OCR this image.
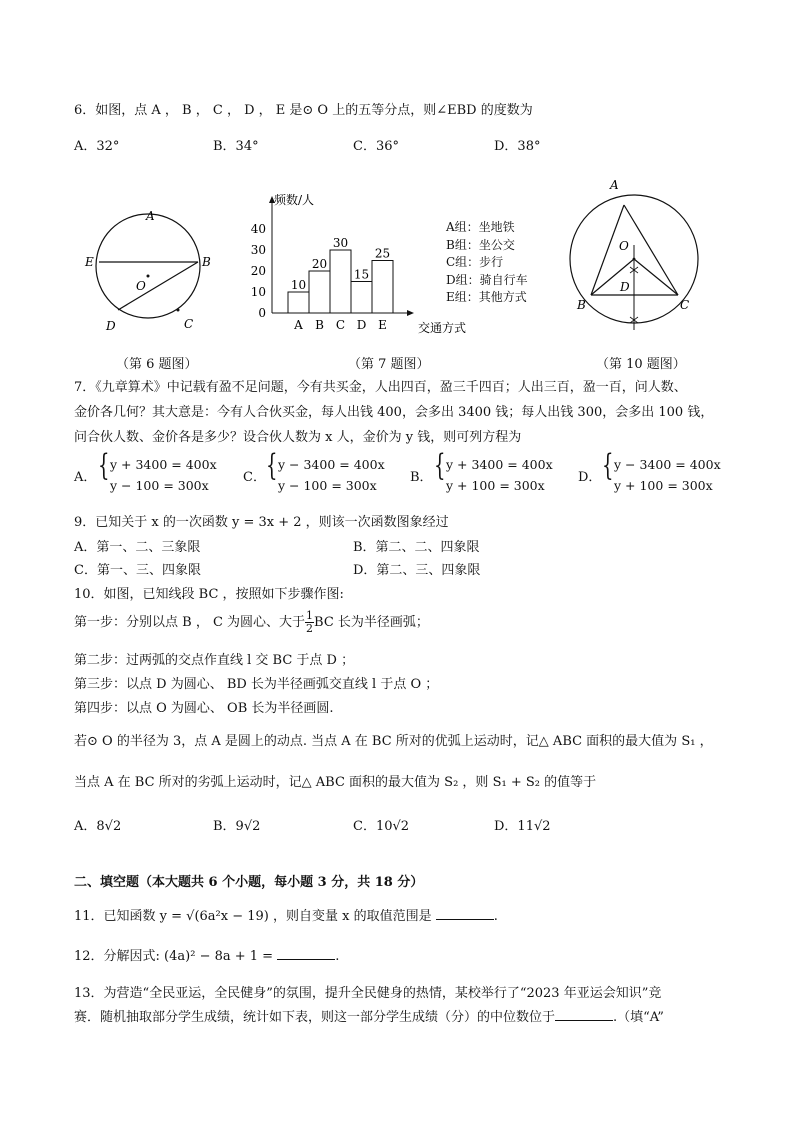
6．如图，点 A ， B ， C ， D ， E 是⊙ O 上的五等分点，则∠EBD 的度数为
A．32°	B．34°	C．36°	D．38°
A
B
C
D
E
O
（第 6 题图）
频数/人
交通方式
0
10
20
30
40
10
A
20
B
30
C
15
D
25
E
（第 7 题图）
A组：坐地铁
B组：坐公交
C组：步行
D组：骑自行车
E组：其他方式
A
B	C
D
O
（第 10 题图）
7．《九章算术》中记载有盈不足问题，今有共买金，人出四百，盈三千四百；人出三百，盈一百，问人数、
金价各几何？其大意是：今有人合伙买金，每人出钱 400，会多出 3400 钱；每人出钱 300，会多出 100 钱，
问合伙人数、金价各是多少？设合伙人数为 x 人，金价为 y 钱，则可列方程为
A． { y + 3400 = 400x
y − 100 = 300x
C． { y − 3400 = 400x
y − 100 = 300x
B． { y + 3400 = 400x
y + 100 = 300x
D． { y − 3400 = 400x
y + 100 = 300x
9．已知关于 x 的一次函数 y = 3x + 2 ，则该一次函数图象经过
A．第一、二、三象限	B．第二、二、四象限
C．第一、三、四象限	D．第二、三、四象限
10．如图，已知线段 BC ，按照如下步骤作图:
第一步：分别以点 B ， C 为圆心、大于 $\frac{1}{2}$ BC 长为半径画弧；
第二步：过两弧的交点作直线 l 交 BC 于点 D ；
第三步：以点 D 为圆心、 BD 长为半径画弧交直线 l 于点 O ；
第四步：以点 O 为圆心、 OB 长为半径画圆.
若⊙ O 的半径为 3，点 A 是圆上的动点. 当点 A 在 BC 所对的优弧上运动时，记△ ABC 面积的最大值为 S₁ ，
当点 A 在 BC 所对的劣弧上运动时，记△ ABC 面积的最大值为 S₂ ，则 S₁ + S₂ 的值等于
A．8√2	B．9√2	C．10√2	D．11√2
二、填空题（本大题共 6 个小题，每小题 3 分，共 18 分）
11．已知函数 y = √(6a²x − 19) ，则自变量 x 的取值范围是	.
12．分解因式: (4a)² − 8a + 1 =	.
13．为营造“全民亚运，全民健身”的氛围，提升全民健身的热情，某校举行了“2023 年亚运会知识”竞
赛．随机抽取部分学生成绩，统计如下表，则这一部分学生成绩（分）的中位数位于	.（填“A”
